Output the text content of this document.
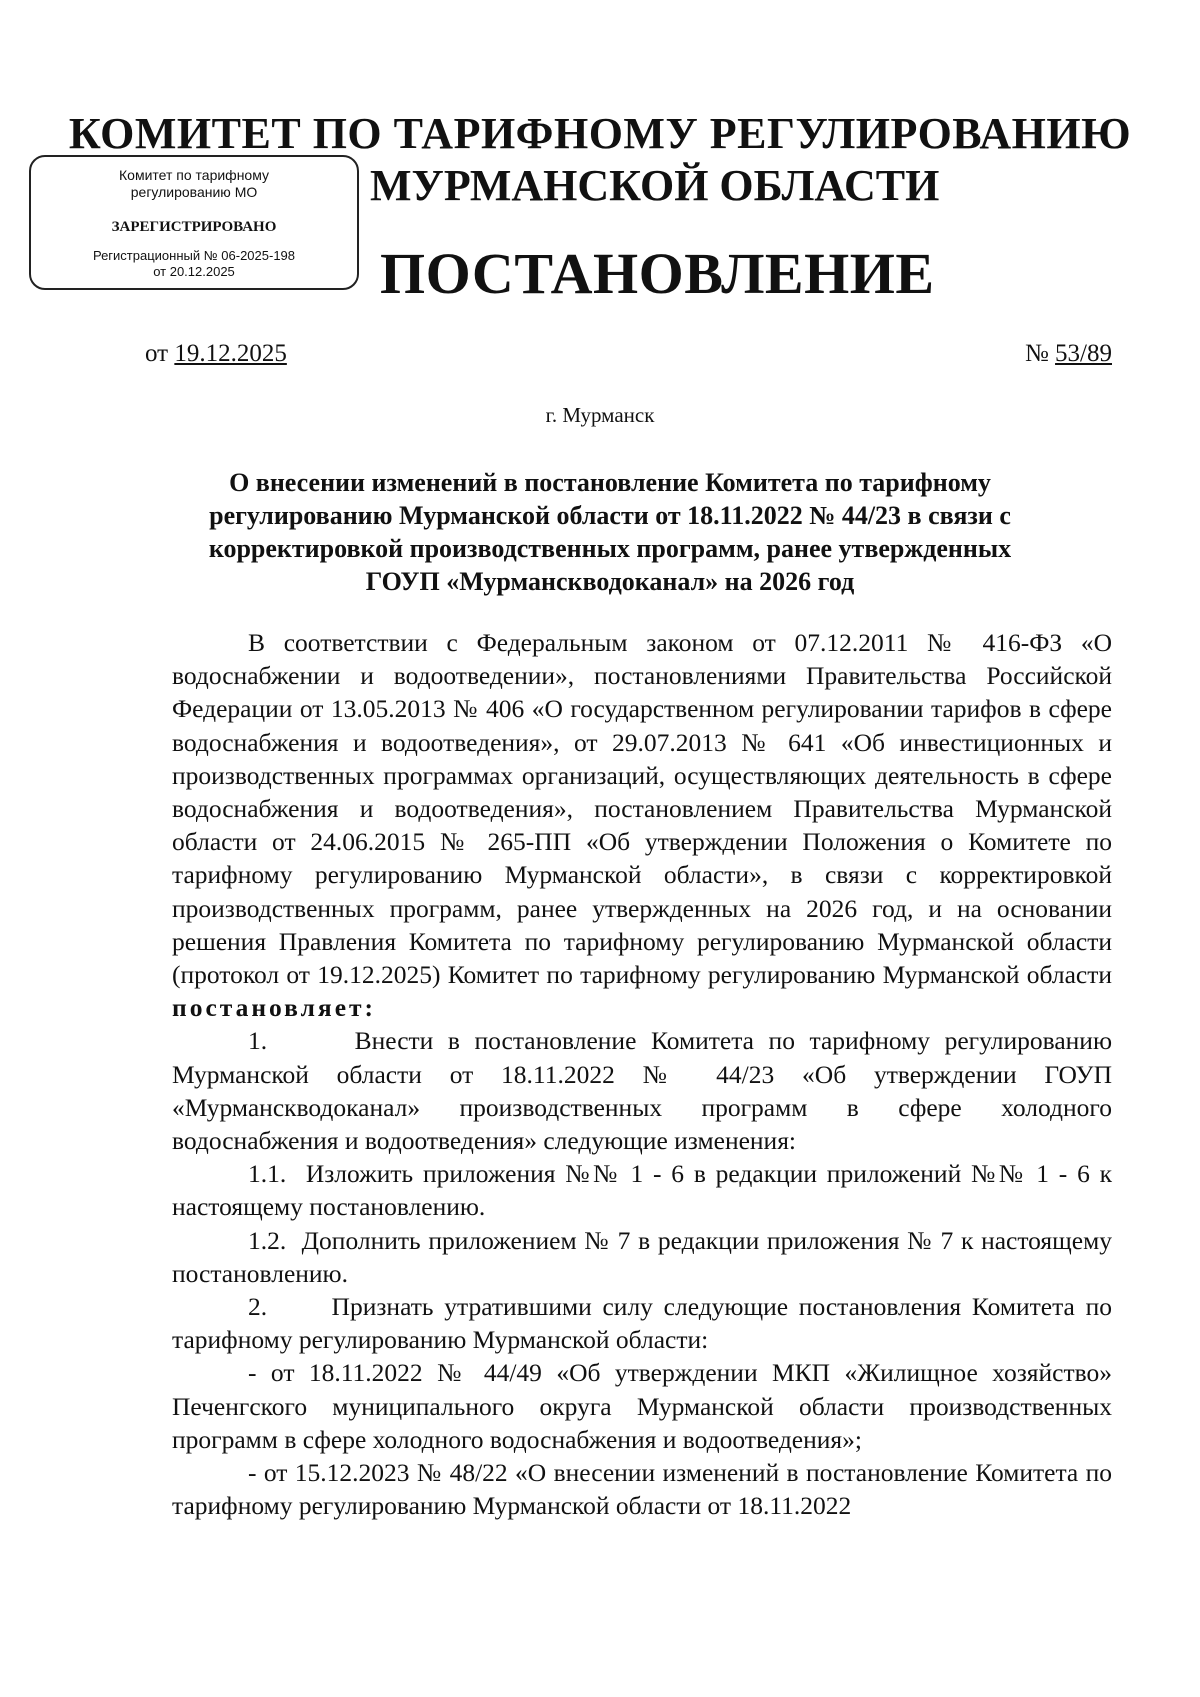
КОМИТЕТ ПО ТАРИФНОМУ РЕГУЛИРОВАНИЮ
МУРМАНСКОЙ ОБЛАСТИ
ПОСТАНОВЛЕНИЕ
Комитет по тарифному
регулированию МО
ЗАРЕГИСТРИРОВАНО
Регистрационный № 06-2025-198
от 20.12.2025
от 19.12.2025	№ 53/89
г. Мурманск
О внесении изменений в постановление Комитета по тарифному
регулированию Мурманской области от 18.11.2022 № 44/23 в связи с
корректировкой производственных программ, ранее утвержденных
ГОУП «Мурманскводоканал» на 2026 год

В соответствии с Федеральным законом от 07.12.2011 № 416-ФЗ «О водоснабжении и водоотведении», постановлениями Правительства Российской Федерации от 13.05.2013 № 406 «О государственном регулировании тарифов в сфере водоснабжения и водоотведения», от 29.07.2013 № 641 «Об инвестиционных и производственных программах организаций, осуществляющих деятельность в сфере водоснабжения и водоотведения», постановлением Правительства Мурманской области от 24.06.2015 № 265-ПП «Об утверждении Положения о Комитете по тарифному регулированию Мурманской области», в связи с корректировкой производственных программ, ранее утвержденных на 2026 год, и на основании решения Правления Комитета по тарифному регулированию Мурманской области (протокол от 19.12.2025) Комитет по тарифному регулированию Мурманской области постановляет:

1.      Внести в постановление Комитета по тарифному регулированию Мурманской области от 18.11.2022 № 44/23 «Об утверждении ГОУП «Мурманскводоканал» производственных программ в сфере холодного водоснабжения и водоотведения» следующие изменения:

1.1.  Изложить приложения №№ 1 - 6 в редакции приложений №№ 1 - 6 к настоящему постановлению.

1.2.  Дополнить приложением № 7 в редакции приложения № 7 к настоящему постановлению.

2.      Признать утратившими силу следующие постановления Комитета по тарифному регулированию Мурманской области:

- от 18.11.2022 № 44/49 «Об утверждении МКП «Жилищное хозяйство» Печенгского муниципального округа Мурманской области производственных программ в сфере холодного водоснабжения и водоотведения»;

- от 15.12.2023 № 48/22 «О внесении изменений в постановление Комитета по тарифному регулированию Мурманской области от 18.11.2022
